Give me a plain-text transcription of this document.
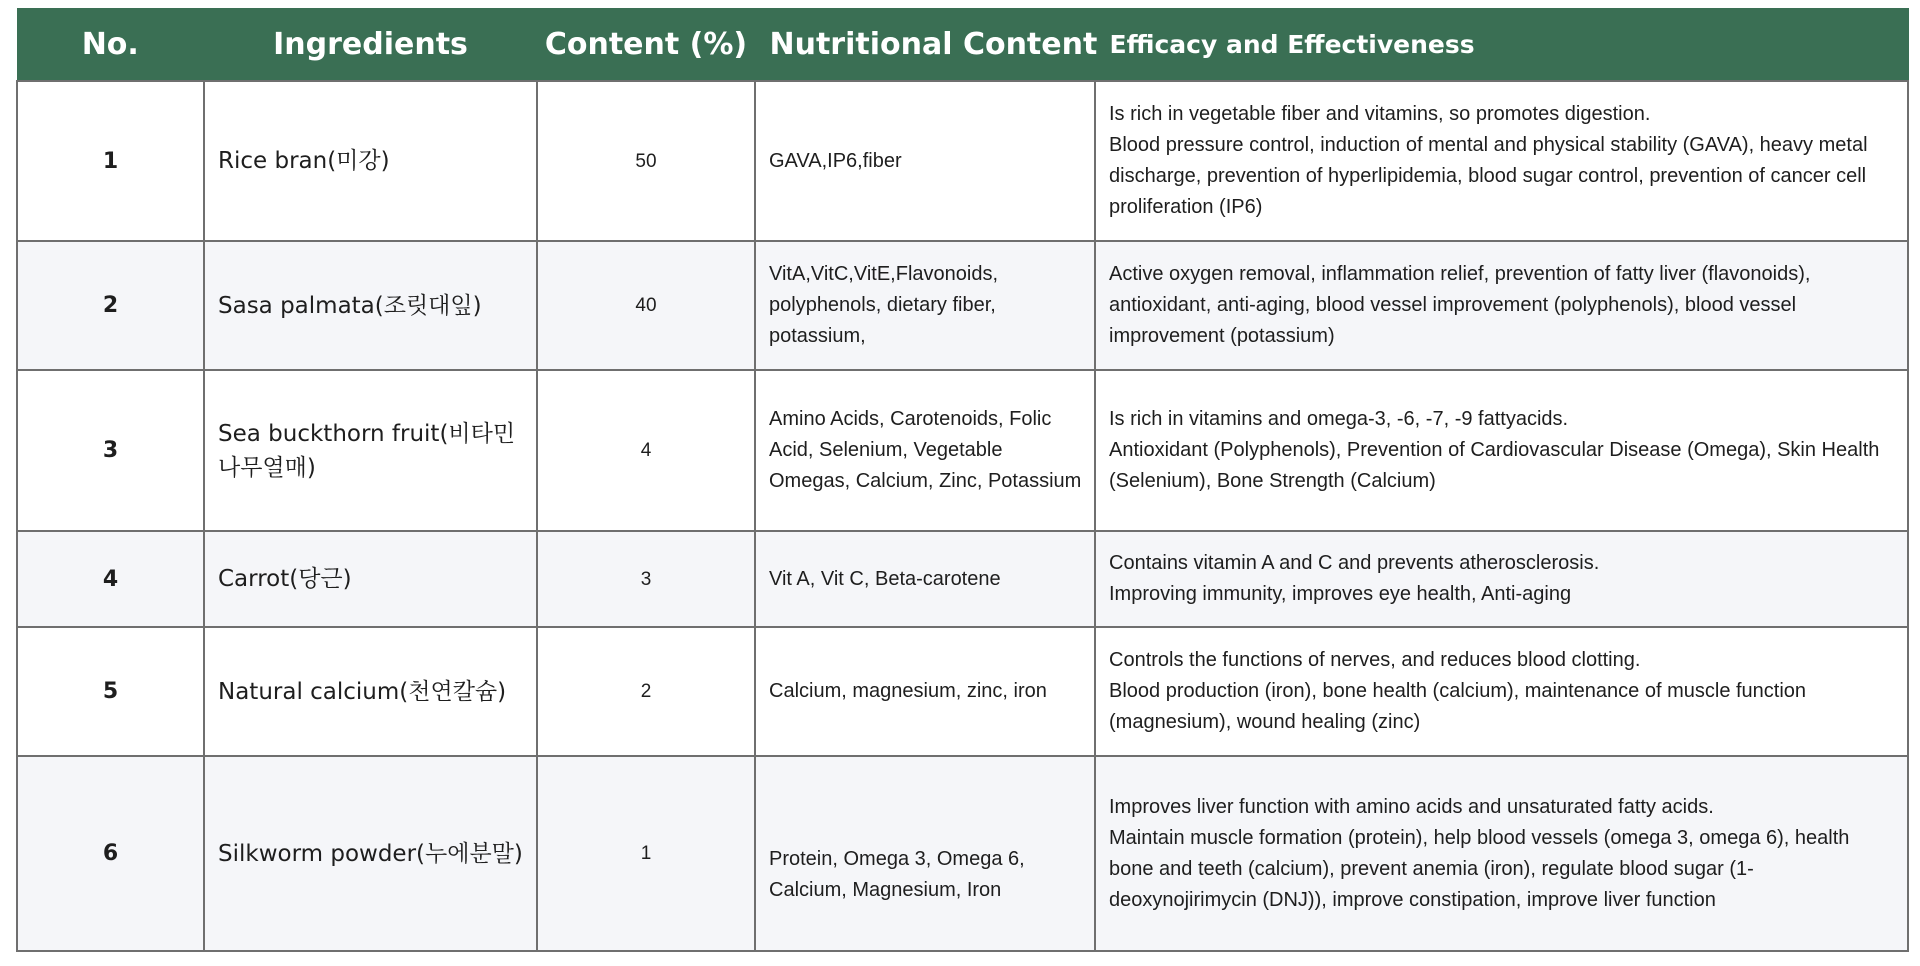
No.	Ingredients	Content (%)	Nutritional Content	Efficacy and Effectiveness
1	Rice bran(미강)	50	GAVA,IP6,fiber	Is rich in vegetable fiber and vitamins, so promotes digestion.
Blood pressure control, induction of mental and physical stability (GAVA), heavy metal discharge, prevention of hyperlipidemia, blood sugar control, prevention of cancer cell proliferation (IP6)

2	Sasa palmata(조릿대잎)	40	VitA,VitC,VitE,Flavonoids, polyphenols, dietary fiber, potassium,	Active oxygen removal, inflammation relief, prevention of fatty liver (flavonoids), antioxidant, anti-aging, blood vessel improvement (polyphenols), blood vessel improvement (potassium)

3	Sea buckthorn fruit(비타민나무열매)	4	Amino Acids, Carotenoids, Folic Acid, Selenium, Vegetable Omegas, Calcium, Zinc, Potassium	Is rich in vitamins and omega-3, -6, -7, -9 fattyacids.
Antioxidant (Polyphenols), Prevention of Cardiovascular Disease (Omega), Skin Health (Selenium), Bone Strength (Calcium)

4	Carrot(당근)	3	Vit A, Vit C, Beta-carotene	Contains vitamin A and C and prevents atherosclerosis.
Improving immunity, improves eye health, Anti-aging

5	Natural calcium(천연칼슘)	2	Calcium, magnesium, zinc, iron	Controls the functions of nerves, and reduces blood clotting.
Blood production (iron), bone health (calcium), maintenance of muscle function (magnesium), wound healing (zinc)

6	Silkworm powder(누에분말)	1	Protein, Omega 3, Omega 6, Calcium, Magnesium, Iron	Improves liver function with amino acids and unsaturated fatty acids.
Maintain muscle formation (protein), help blood vessels (omega 3, omega 6), health bone and teeth (calcium), prevent anemia (iron), regulate blood sugar (1-deoxynojirimycin (DNJ)), improve constipation, improve liver function
